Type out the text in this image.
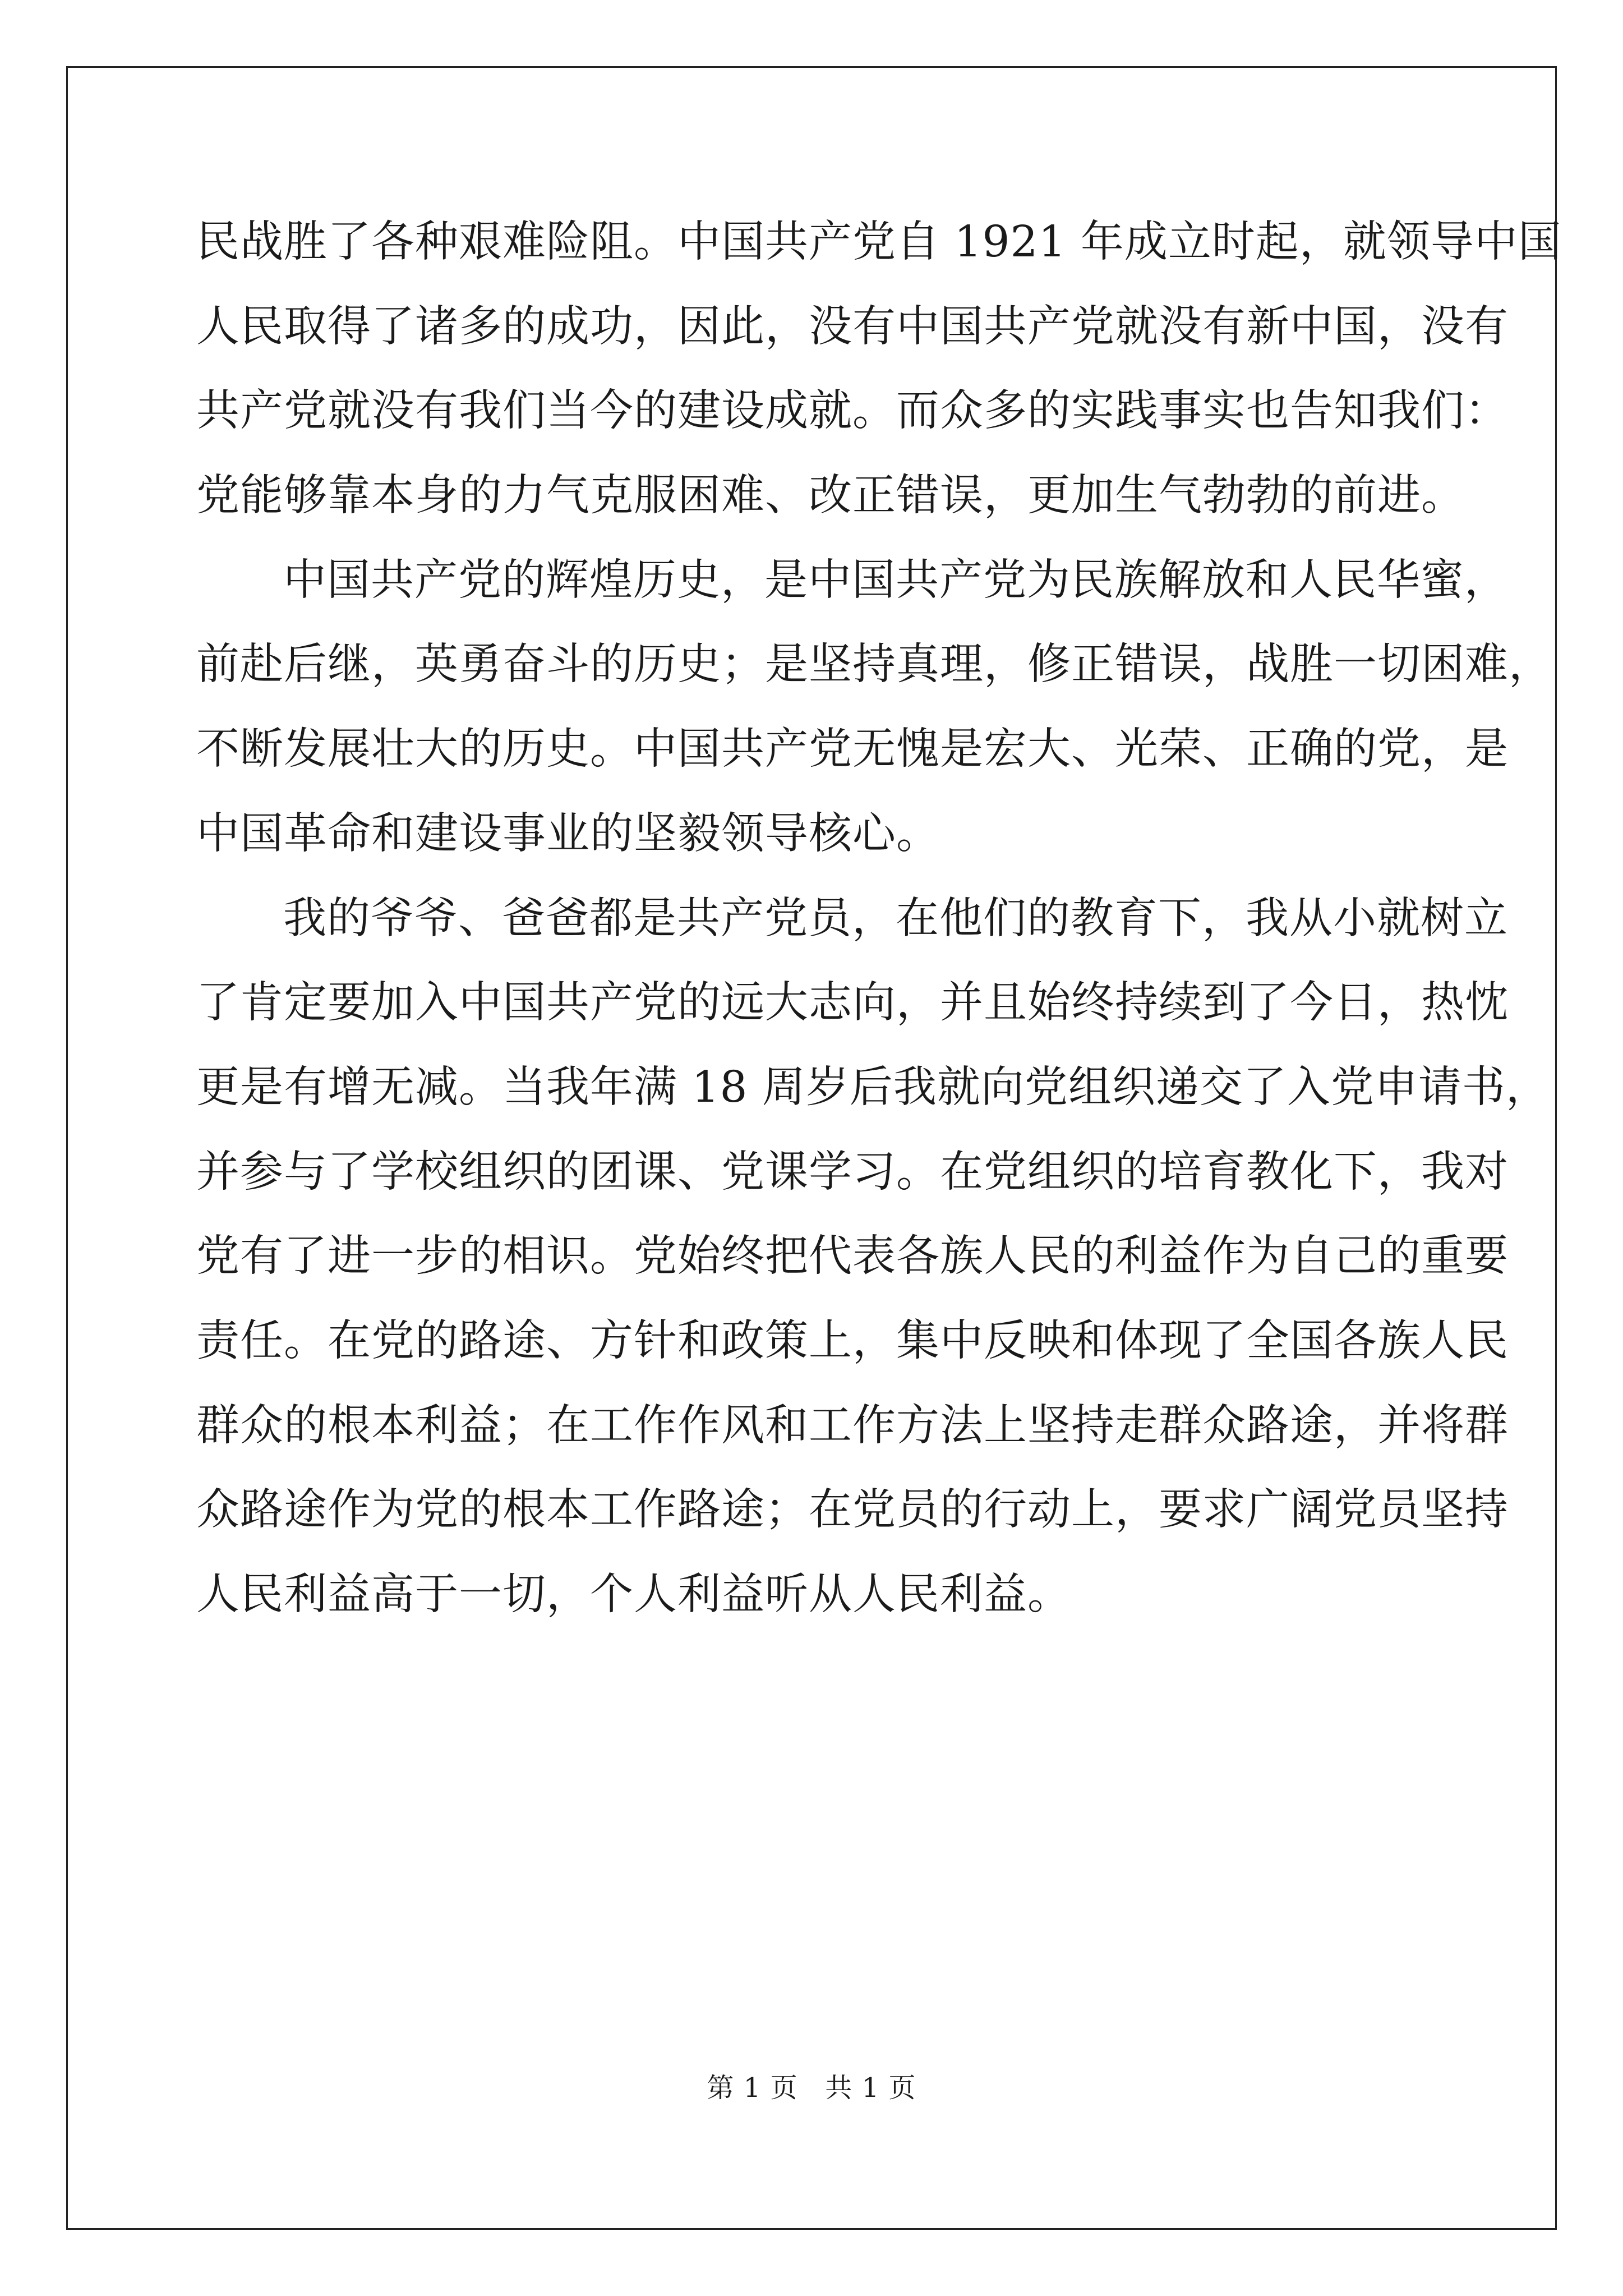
民战胜了各种艰难险阻。中国共产党自 1921 年成立时起，就领导中国
人民取得了诸多的成功，因此，没有中国共产党就没有新中国，没有
共产党就没有我们当今的建设成就。而众多的实践事实也告知我们：
党能够靠本身的力气克服困难、改正错误，更加生气勃勃的前进。
中国共产党的辉煌历史，是中国共产党为民族解放和人民华蜜，
前赴后继，英勇奋斗的历史；是坚持真理，修正错误，战胜一切困难，
不断发展壮大的历史。中国共产党无愧是宏大、光荣、正确的党，是
中国革命和建设事业的坚毅领导核心。
我的爷爷、爸爸都是共产党员，在他们的教育下，我从小就树立
了肯定要加入中国共产党的远大志向，并且始终持续到了今日，热忱
更是有增无减。当我年满 18 周岁后我就向党组织递交了入党申请书，
并参与了学校组织的团课、党课学习。在党组织的培育教化下，我对
党有了进一步的相识。党始终把代表各族人民的利益作为自己的重要
责任。在党的路途、方针和政策上，集中反映和体现了全国各族人民
群众的根本利益；在工作作风和工作方法上坚持走群众路途，并将群
众路途作为党的根本工作路途；在党员的行动上，要求广阔党员坚持
人民利益高于一切，个人利益听从人民利益。
第 1 页 共 1 页
